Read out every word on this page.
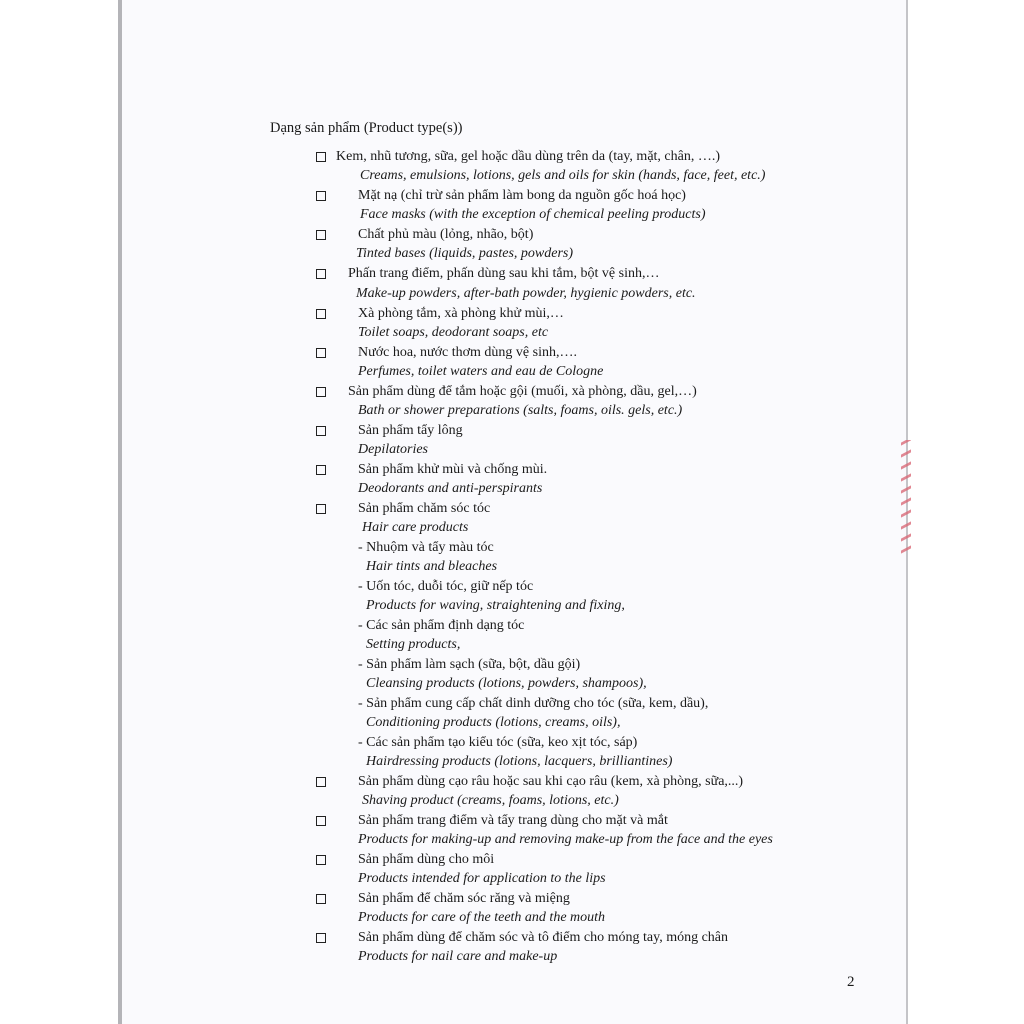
Dạng sản phẩm (Product type(s))
Kem, nhũ tương, sữa, gel hoặc dầu dùng trên da (tay, mặt, chân, ….)
Creams, emulsions, lotions, gels and oils for skin (hands, face, feet, etc.)
Mặt nạ (chỉ trừ sản phẩm làm bong da nguồn gốc hoá học)
Face masks (with the exception of chemical peeling products)
Chất phủ màu (lỏng, nhão, bột)
Tinted bases (liquids, pastes, powders)
Phấn trang điểm, phấn dùng sau khi tắm, bột vệ sinh,…
Make-up powders, after-bath powder, hygienic powders, etc.
Xà phòng tắm, xà phòng khử mùi,…
Toilet soaps, deodorant soaps, etc
Nước hoa, nước thơm dùng vệ sinh,….
Perfumes, toilet waters and eau de Cologne
Sản phẩm dùng để tắm hoặc gội (muối, xà phòng, dầu, gel,…)
Bath or shower preparations (salts, foams, oils. gels, etc.)
Sản phẩm tẩy lông
Depilatories
Sản phẩm khử mùi và chống mùi.
Deodorants and anti-perspirants
Sản phẩm chăm sóc tóc
Hair care products
- Nhuộm và tẩy màu tóc
Hair tints and bleaches
- Uốn tóc, duỗi tóc, giữ nếp tóc
Products for waving, straightening and fixing,
- Các sản phẩm định dạng tóc
Setting products,
- Sản phẩm làm sạch (sữa, bột, dầu gội)
Cleansing products (lotions, powders, shampoos),
- Sản phẩm cung cấp chất dinh dưỡng cho tóc (sữa, kem, dầu),
Conditioning products (lotions, creams, oils),
- Các sản phẩm tạo kiểu tóc (sữa, keo xịt tóc, sáp)
Hairdressing products (lotions, lacquers, brilliantines)
Sản phẩm dùng cạo râu hoặc sau khi cạo râu (kem, xà phòng, sữa,...)
Shaving product (creams, foams, lotions, etc.)
Sản phẩm trang điểm và tẩy trang dùng cho mặt và mắt
Products for making-up and removing make-up from the face and the eyes
Sản phẩm dùng cho môi
Products intended for application to the lips
Sản phẩm để chăm sóc răng và miệng
Products for care of the teeth and the mouth
Sản phẩm dùng để chăm sóc và tô điểm cho móng tay, móng chân
Products for nail care and make-up
2
